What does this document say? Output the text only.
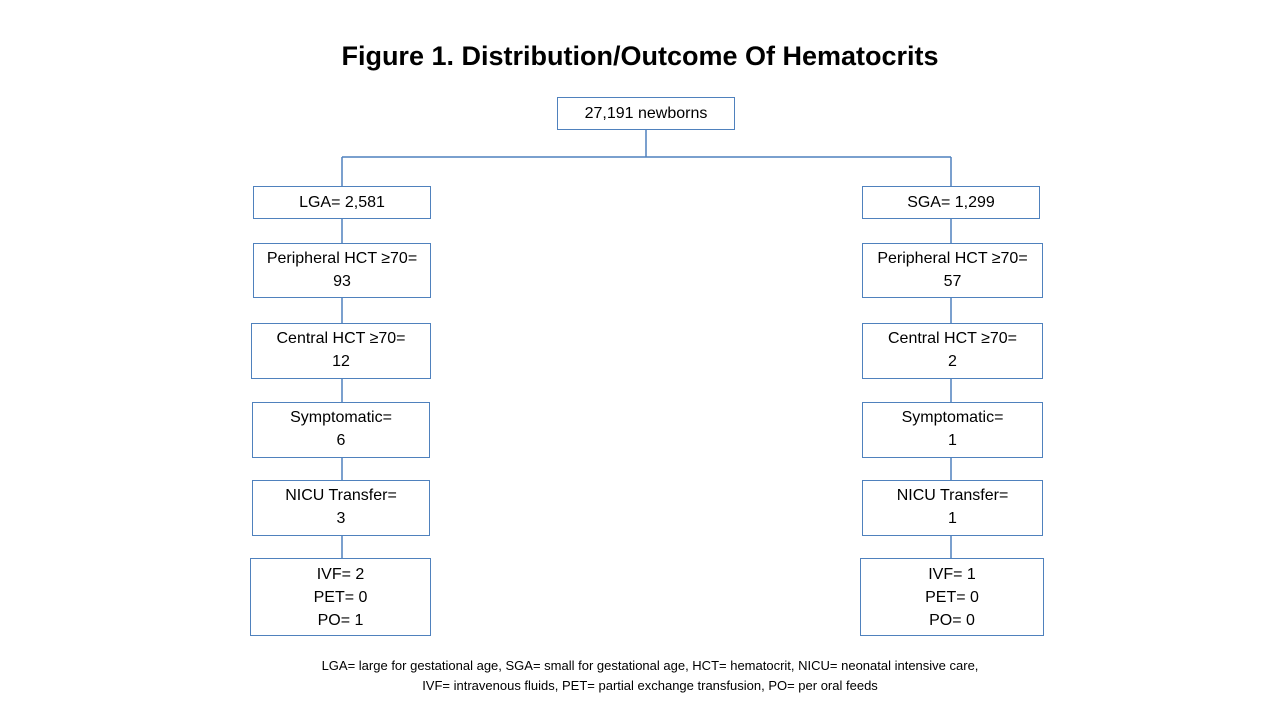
Figure 1. Distribution/Outcome Of Hematocrits
27,191 newborns
LGA= 2,581
Peripheral HCT ≥70=
93
Central HCT ≥70=
12
Symptomatic=
6
NICU Transfer=
3
IVF= 2
PET= 0
PO= 1
SGA= 1,299
Peripheral HCT ≥70=
57
Central HCT ≥70=
2
Symptomatic=
1
NICU Transfer=
1
IVF= 1
PET= 0
PO= 0
LGA= large for gestational age, SGA= small for gestational age, HCT= hematocrit, NICU= neonatal intensive care,
IVF= intravenous fluids, PET= partial exchange transfusion, PO= per oral feeds
